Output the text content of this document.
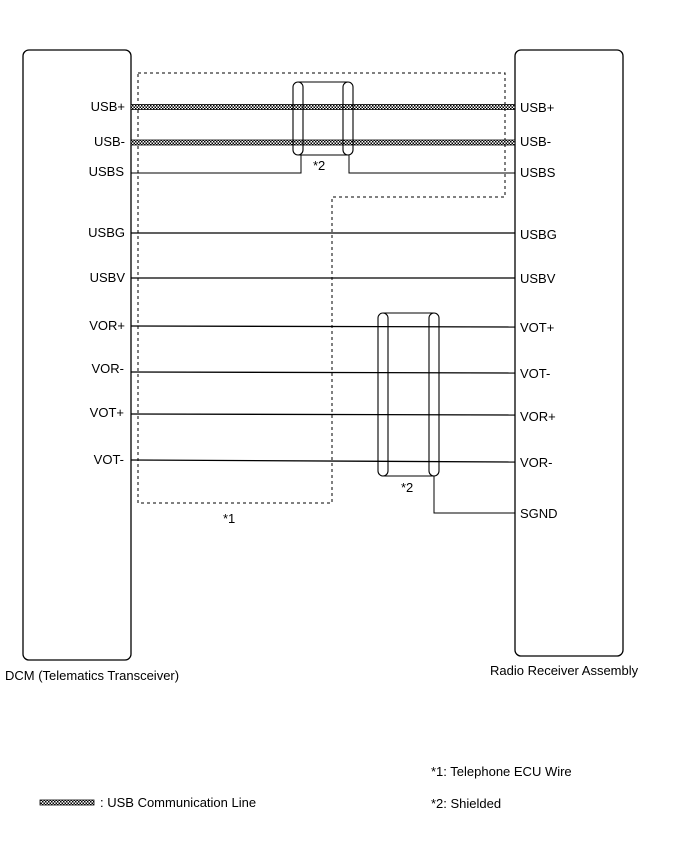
USB+
USB-
USBS
USBG
USBV
VOR+
VOR-
VOT+
VOT-
USB+
USB-
USBS
USBG
USBV
VOT+
VOT-
VOR+
VOR-
SGND
*2
*2
*1
DCM (Telematics Transceiver)	Radio Receiver Assembly
: USB Communication Line
*1: Telephone ECU Wire
*2: Shielded
